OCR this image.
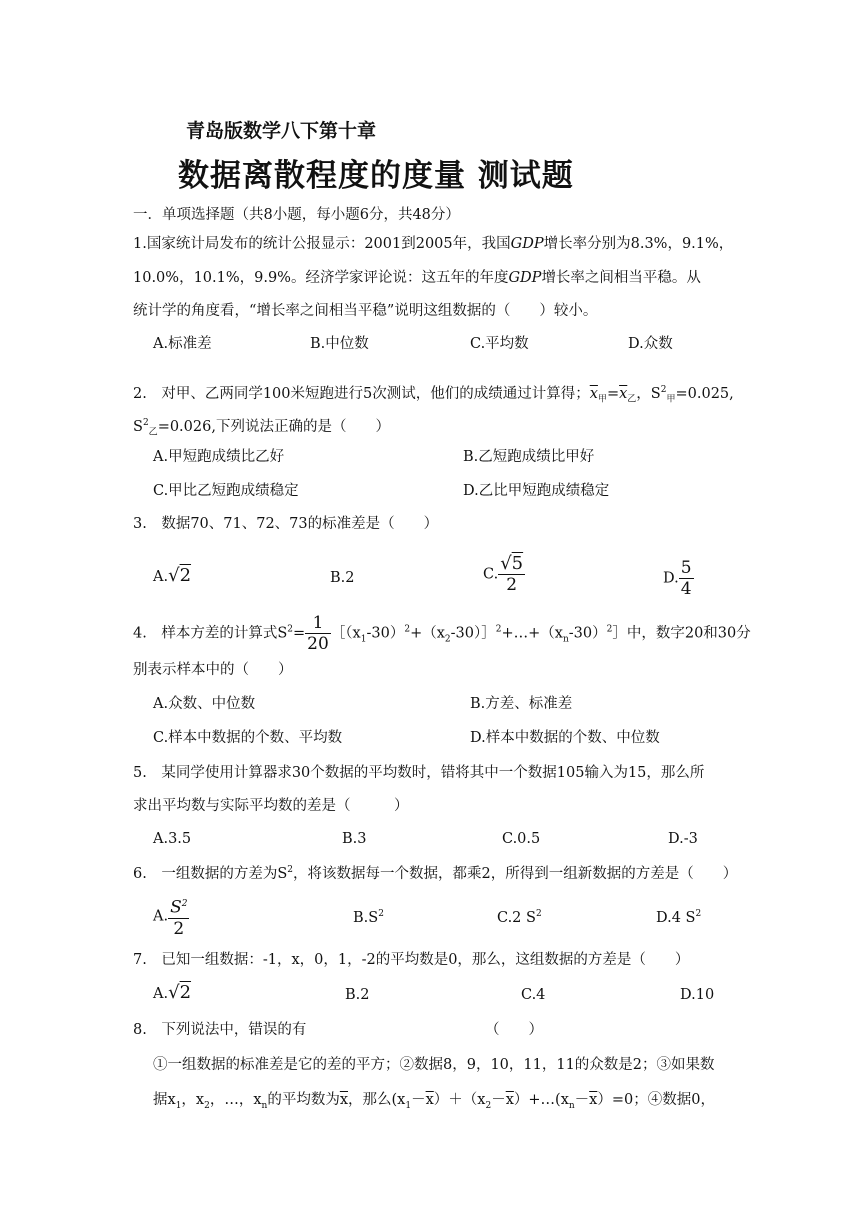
青岛版数学八下第十章
数据离散程度的度量 测试题
一．单项选择题（共8小题，每小题6分，共48分）
1.国家统计局发布的统计公报显示：2001到2005年，我国GDP增长率分别为8.3%，9.1%，
10.0%，10.1%，9.9%。经济学家评论说：这五年的年度GDP增长率之间相当平稳。从
统计学的角度看，“增长率之间相当平稳”说明这组数据的（　　）较小。
A.标准差	B.中位数	C.平均数	D.众数
2.　对甲、乙两同学100米短跑进行5次测试，他们的成绩通过计算得；$\overline{x}_甲=\overline{x}_乙$，$S^2_甲=0.025$,
$S^2_乙=0.026$,下列说法正确的是（　　）
A.甲短跑成绩比乙好	B.乙短跑成绩比甲好
C.甲比乙短跑成绩稳定	D.乙比甲短跑成绩稳定
3.　数据70、71、72、73的标准差是（　　）
A.√2	B.2	C. $\frac{√5}{2}$	D. $\frac{5}{4}$
4.　样本方差的计算式$S^2= \frac{1}{20}$ $[(x_1-30)^2+(x_2-30)]^2+\dots+(x_n-30)^2]$中，数字20和30分
别表示样本中的（　　）
A.众数、中位数	B.方差、标准差
C.样本中数据的个数、平均数	D.样本中数据的个数、中位数
5.　某同学使用计算器求30个数据的平均数时，错将其中一个数据105输入为15，那么所
求出平均数与实际平均数的差是（　　　）
A.3.5	B.3	C.0.5	D.-3
6.　一组数据的方差为$S^2$，将该数据每一个数据，都乘2，所得到一组新数据的方差是（　　）
A. $\frac{S^2}{2}$	$B.S^2$	C.2 $S^2$	D.4 $S^2$
7.　已知一组数据：-1，x，0，1，-2的平均数是0，那么，这组数据的方差是（　　）
A.√2	B.2	C.4	D.10
8.　下列说法中，错误的有	（　　）
①一组数据的标准差是它的差的平方；②数据8，9，10，11，11的众数是2；③如果数
据$x_1$，$x_2$，…，$x_n$的平均数为$\overline{x}$，那么$(x_1-\overline{x})+(x_2-\overline{x})+\dots(x_n-\overline{x})=0$；④数据0，
